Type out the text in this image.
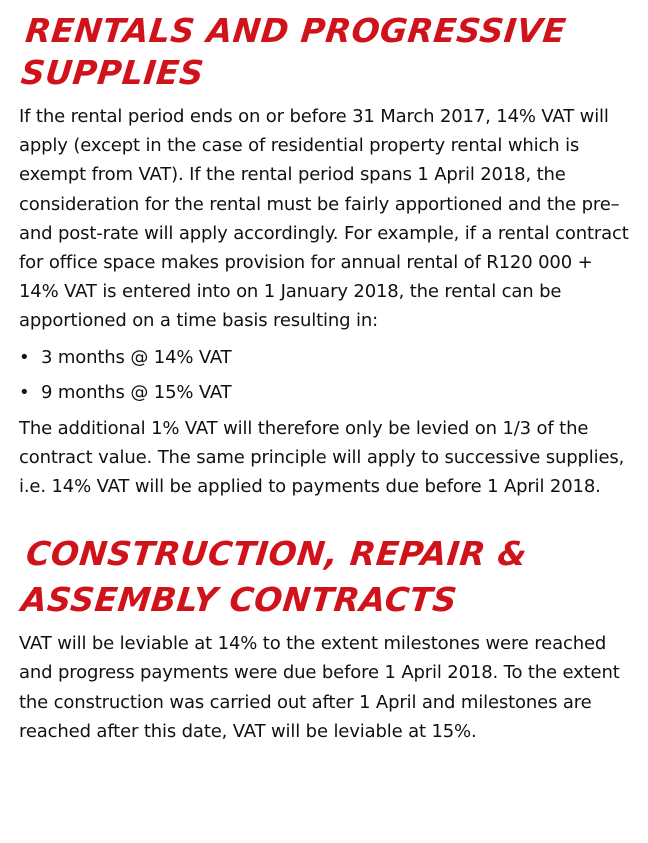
RENTALS AND PROGRESSIVE SUPPLIES

If the rental period ends on or before 31 March 2017, 14% VAT will apply (except in the case of residential property rental which is exempt from VAT). If the rental period spans 1 April 2018, the consideration for the rental must be fairly apportioned and the pre– and post-rate will apply accordingly. For example, if a rental contract for office space makes provision for annual rental of R120 000 + 14% VAT is entered into on 1 January 2018, the rental can be apportioned on a time basis resulting in:

• 3 months @ 14% VAT
• 9 months @ 15% VAT

The additional 1% VAT will therefore only be levied on 1/3 of the contract value. The same principle will apply to successive supplies, i.e. 14% VAT will be applied to payments due before 1 April 2018.

CONSTRUCTION, REPAIR & ASSEMBLY CONTRACTS

VAT will be leviable at 14% to the extent milestones were reached and progress payments were due before 1 April 2018. To the extent the construction was carried out after 1 April and milestones are reached after this date, VAT will be leviable at 15%.
